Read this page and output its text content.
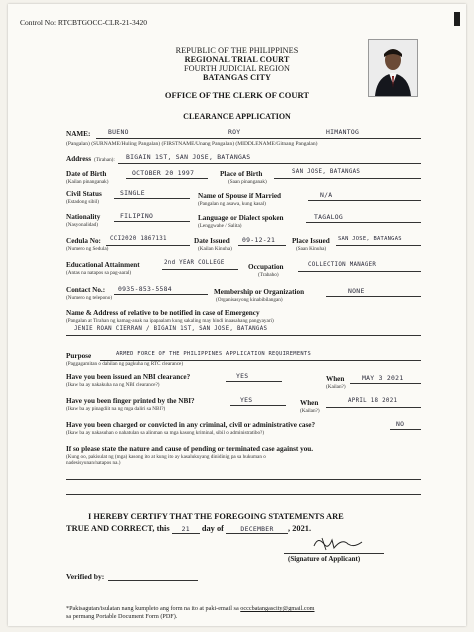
Control No: RTCBTGOCC-CLR-21-3420
REPUBLIC OF THE PHILIPPINES
REGIONAL TRIAL COURT
FOURTH JUDICIAL REGION
BATANGAS CITY
OFFICE OF THE CLERK OF COURT
CLEARANCE APPLICATION
NAME:	BUENO	ROY	HIMANTOG
(Pangalan) (SURNAME/Huling Pangalan) (FIRSTNAME/Unang Pangalan) (MIDDLENAME/Gitnang Pangalan)
Address (Tirahan): BIGAIN 1ST, SAN JOSE, BATANGAS
Date of Birth
(Kailan pinanganak)
OCTOBER 20 1997	Place of Birth
(Saan pinanganak)
SAN JOSE, BATANGAS
Civil Status
(Estadong sibil)
SINGLE	Name of Spouse if Married
(Pangalan ng asawa, kung kasal)
N/A
Nationality
(Nasyonalidad)
FILIPINO	Language or Dialect spoken
(Lenggwahe / Salita)
TAGALOG
Cedula No:
(Numero ng Sedula)
CCI2020 1867131	Date Issued
(Kailan Kinuha)
09-12-21 Place Issued
(Saan Kinuha)
SAN JOSE, BATANGAS
Educational Attainment
(Antas na natapos sa pag-aaral)
2nd YEAR COLLEGE	Occupation
(Trabaho)
COLLECTION MANAGER
Contact No.:
(Numero ng telepono)
0935-853-5584	Membership or Organization
(Organisasyong kinabibilangan)
NONE
Name & Address of relative to be notified in case of Emergency
(Pangalan at Tirahan ng kamag-anak na ipapaalam kung sakaling may hindi inaasahang pangyayari)
JENIE ROAN CIERRAN / BIGAIN 1ST, SAN JOSE, BATANGAS
Purpose
(Paggagamitan o dahilan ng pagkuha ng RTC clearance)
ARMED FORCE OF THE PHILIPPINES APPLICATION REQUIREMENTS
Have you been issued an NBI clearance?
(Ikaw ba ay nakakuha na ng NBI clearance?)
YES	When
(Kailan?)
MAY 3 2021
Have you been finger printed by the NBI?
(Ikaw ba ay pinagdiit na ng mga daliri sa NBI?)
YES	When
(Kailan?)
APRIL 18 2021
Have you been charged or convicted in any criminal, civil or administrative case?
(Ikaw ba ay nakasuhan o nahatulan sa alinman sa mga kasong kriminal, sibil o administratibo?)
NO
If so please state the nature and cause of pending or terminated case against you.
(Kung oo, pakisulat ng (mga) kasong ito at kung ito ay kasalukuyang dinidinig pa sa hukuman o
nadesisyunan/natapos na.)
I HEREBY CERTIFY THAT THE FOREGOING STATEMENTS ARE
TRUE AND CORRECT, this 21 day of	DECEMBER , 2021.
(Signature of Applicant)
Verified by:
*Pakisagutan/isulatan nang kumpleto ang form na ito at paki-email sa occcbatangascity@gmail.com
sa permang Portable Document Form (PDF).
